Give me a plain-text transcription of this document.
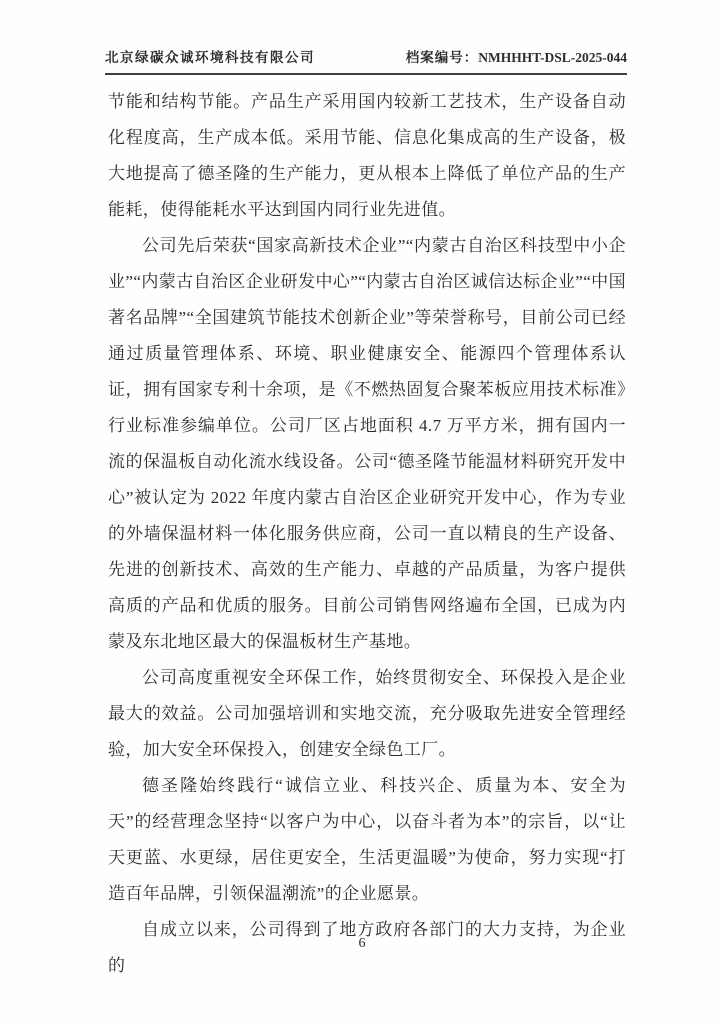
北京绿碳众诚环境科技有限公司	档案编号：NMHHHT-DSL-2025-044

节能和结构节能。产品生产采用国内较新工艺技术，生产设备自动化程度高，生产成本低。采用节能、信息化集成高的生产设备，极大地提高了德圣隆的生产能力，更从根本上降低了单位产品的生产能耗，使得能耗水平达到国内同行业先进值。

公司先后荣获“国家高新技术企业”“内蒙古自治区科技型中小企业”“内蒙古自治区企业研发中心”“内蒙古自治区诚信达标企业”“中国著名品牌”“全国建筑节能技术创新企业”等荣誉称号，目前公司已经通过质量管理体系、环境、职业健康安全、能源四个管理体系认证，拥有国家专利十余项，是《不燃热固复合聚苯板应用技术标准》行业标准参编单位。公司厂区占地面积 4.7 万平方米，拥有国内一流的保温板自动化流水线设备。公司“德圣隆节能温材料研究开发中心”被认定为 2022 年度内蒙古自治区企业研究开发中心，作为专业的外墙保温材料一体化服务供应商，公司一直以精良的生产设备、先进的创新技术、高效的生产能力、卓越的产品质量，为客户提供高质的产品和优质的服务。目前公司销售网络遍布全国，已成为内蒙及东北地区最大的保温板材生产基地。

公司高度重视安全环保工作，始终贯彻安全、环保投入是企业最大的效益。公司加强培训和实地交流，充分吸取先进安全管理经验，加大安全环保投入，创建安全绿色工厂。

德圣隆始终践行“诚信立业、科技兴企、质量为本、安全为天”的经营理念坚持“以客户为中心，以奋斗者为本”的宗旨，以“让天更蓝、水更绿，居住更安全，生活更温暖”为使命，努力实现“打造百年品牌，引领保温潮流”的企业愿景。

自成立以来，公司得到了地方政府各部门的大力支持，为企业的

6
